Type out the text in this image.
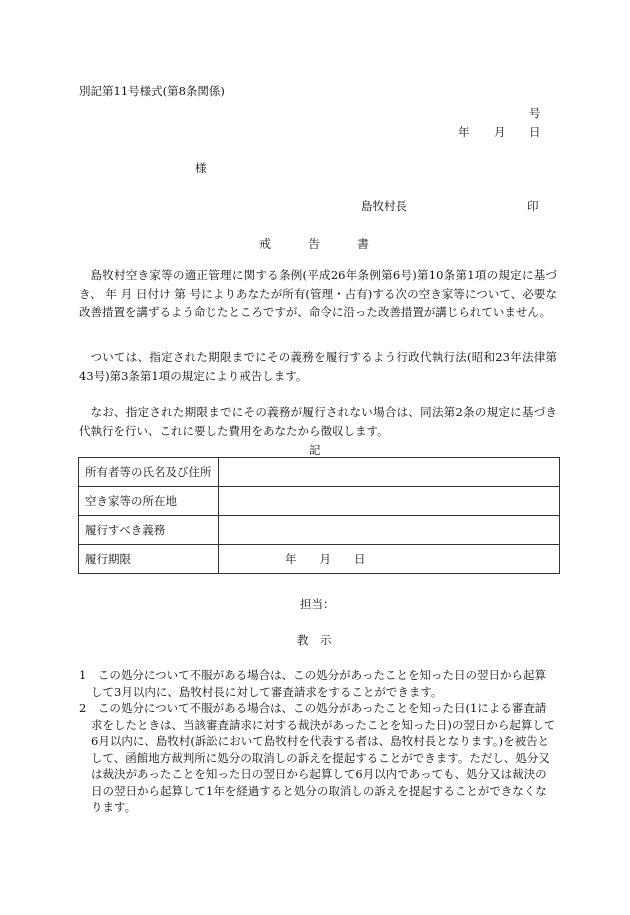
別記第11号様式(第8条関係)
号
年 月 日
様
島牧村長	印
戒	告	書
島牧村空き家等の適正管理に関する条例(平成26年条例第6号)第10条第1項の規定に基づき、 年 月 日付け 第 号によりあなたが所有(管理・占有)する次の空き家等について、必要な改善措置を講ずるよう命じたところですが、命令に沿った改善措置が講じられていません。
ついては、指定された期限までにその義務を履行するよう行政代執行法(昭和23年法律第43号)第3条第1項の規定により戒告します。
なお、指定された期限までにその義務が履行されない場合は、同法第2条の規定に基づき代執行を行い、これに要した費用をあなたから徴収します。
記
所有者等の氏名及び住所	
空き家等の所在地	
履行すべき義務	
履行期限	年　　月　　日
担当：
教　示
1　この処分について不服がある場合は、この処分があったことを知った日の翌日から起算して3月以内に、島牧村長に対して審査請求をすることができます。
2　この処分について不服がある場合は、この処分があったことを知った日(1による審査請求をしたときは、当該審査請求に対する裁決があったことを知った日)の翌日から起算して6月以内に、島牧村(訴訟において島牧村を代表する者は、島牧村長となります。)を被告として、函館地方裁判所に処分の取消しの訴えを提起することができます。ただし、処分又は裁決があったことを知った日の翌日から起算して6月以内であっても、処分又は裁決の日の翌日から起算して1年を経過すると処分の取消しの訴えを提起することができなくなります。
